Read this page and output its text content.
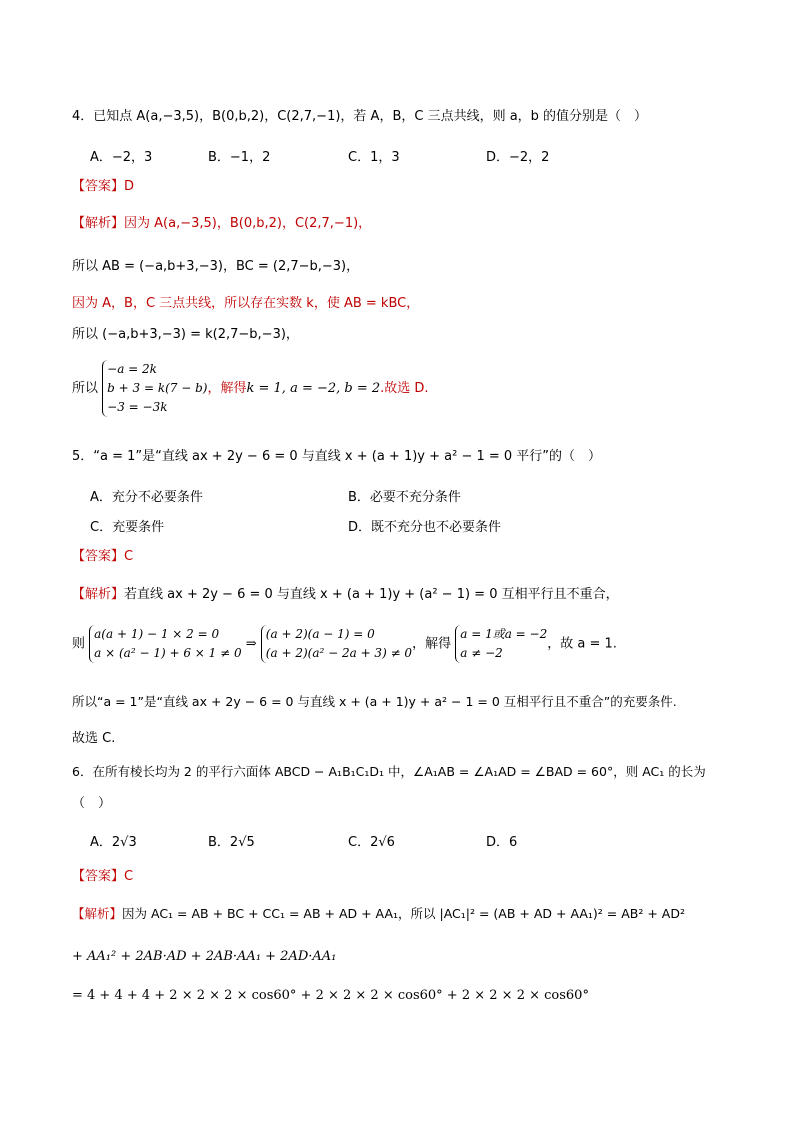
4．已知点 A(a,−3,5)，B(0,b,2)，C(2,7,−1)，若 A，B，C 三点共线，则 a，b 的值分别是（　）
A．−2，3	B．−1，2	C．1，3	D．−2，2
【答案】D
【解析】因为 A(a,−3,5)，B(0,b,2)，C(2,7,−1)，
所以 AB = (−a,b+3,−3)，BC = (2,7−b,−3)，
因为 A，B，C 三点共线，所以存在实数 k，使 AB = kBC，
所以 (−a,b+3,−3) = k(2,7−b,−3)，
所以
−a = 2k
b + 3 = k(7 − b)
−3 = −3k
，解得k = 1, a = −2, b = 2.故选 D.
5．“a = 1”是“直线 ax + 2y − 6 = 0 与直线 x + (a + 1)y + a² − 1 = 0 平行”的（　）
A．充分不必要条件	B．必要不充分条件
C．充要条件	D．既不充分也不必要条件
【答案】C
【解析】若直线 ax + 2y − 6 = 0 与直线 x + (a + 1)y + (a² − 1) = 0 互相平行且不重合，
则
a(a + 1) − 1 × 2 = 0
a × (a² − 1) + 6 × 1 ≠ 0
⇒
(a + 2)(a − 1) = 0
(a + 2)(a² − 2a + 3) ≠ 0
，解得
a = 1或a = −2
a ≠ −2
，故 a = 1.
所以“a = 1”是“直线 ax + 2y − 6 = 0 与直线 x + (a + 1)y + a² − 1 = 0 互相平行且不重合”的充要条件.
故选 C.
6．在所有棱长均为 2 的平行六面体 ABCD − A₁B₁C₁D₁ 中，∠A₁AB = ∠A₁AD = ∠BAD = 60°，则 AC₁ 的长为
（　）
A．2√3	B．2√5	C．2√6	D．6
【答案】C
【解析】因为 AC₁ = AB + BC + CC₁ = AB + AD + AA₁，所以 |AC₁|² = (AB + AD + AA₁)² = AB² + AD²
+ AA₁² + 2AB·AD + 2AB·AA₁ + 2AD·AA₁
= 4 + 4 + 4 + 2 × 2 × 2 × cos60° + 2 × 2 × 2 × cos60° + 2 × 2 × 2 × cos60°
